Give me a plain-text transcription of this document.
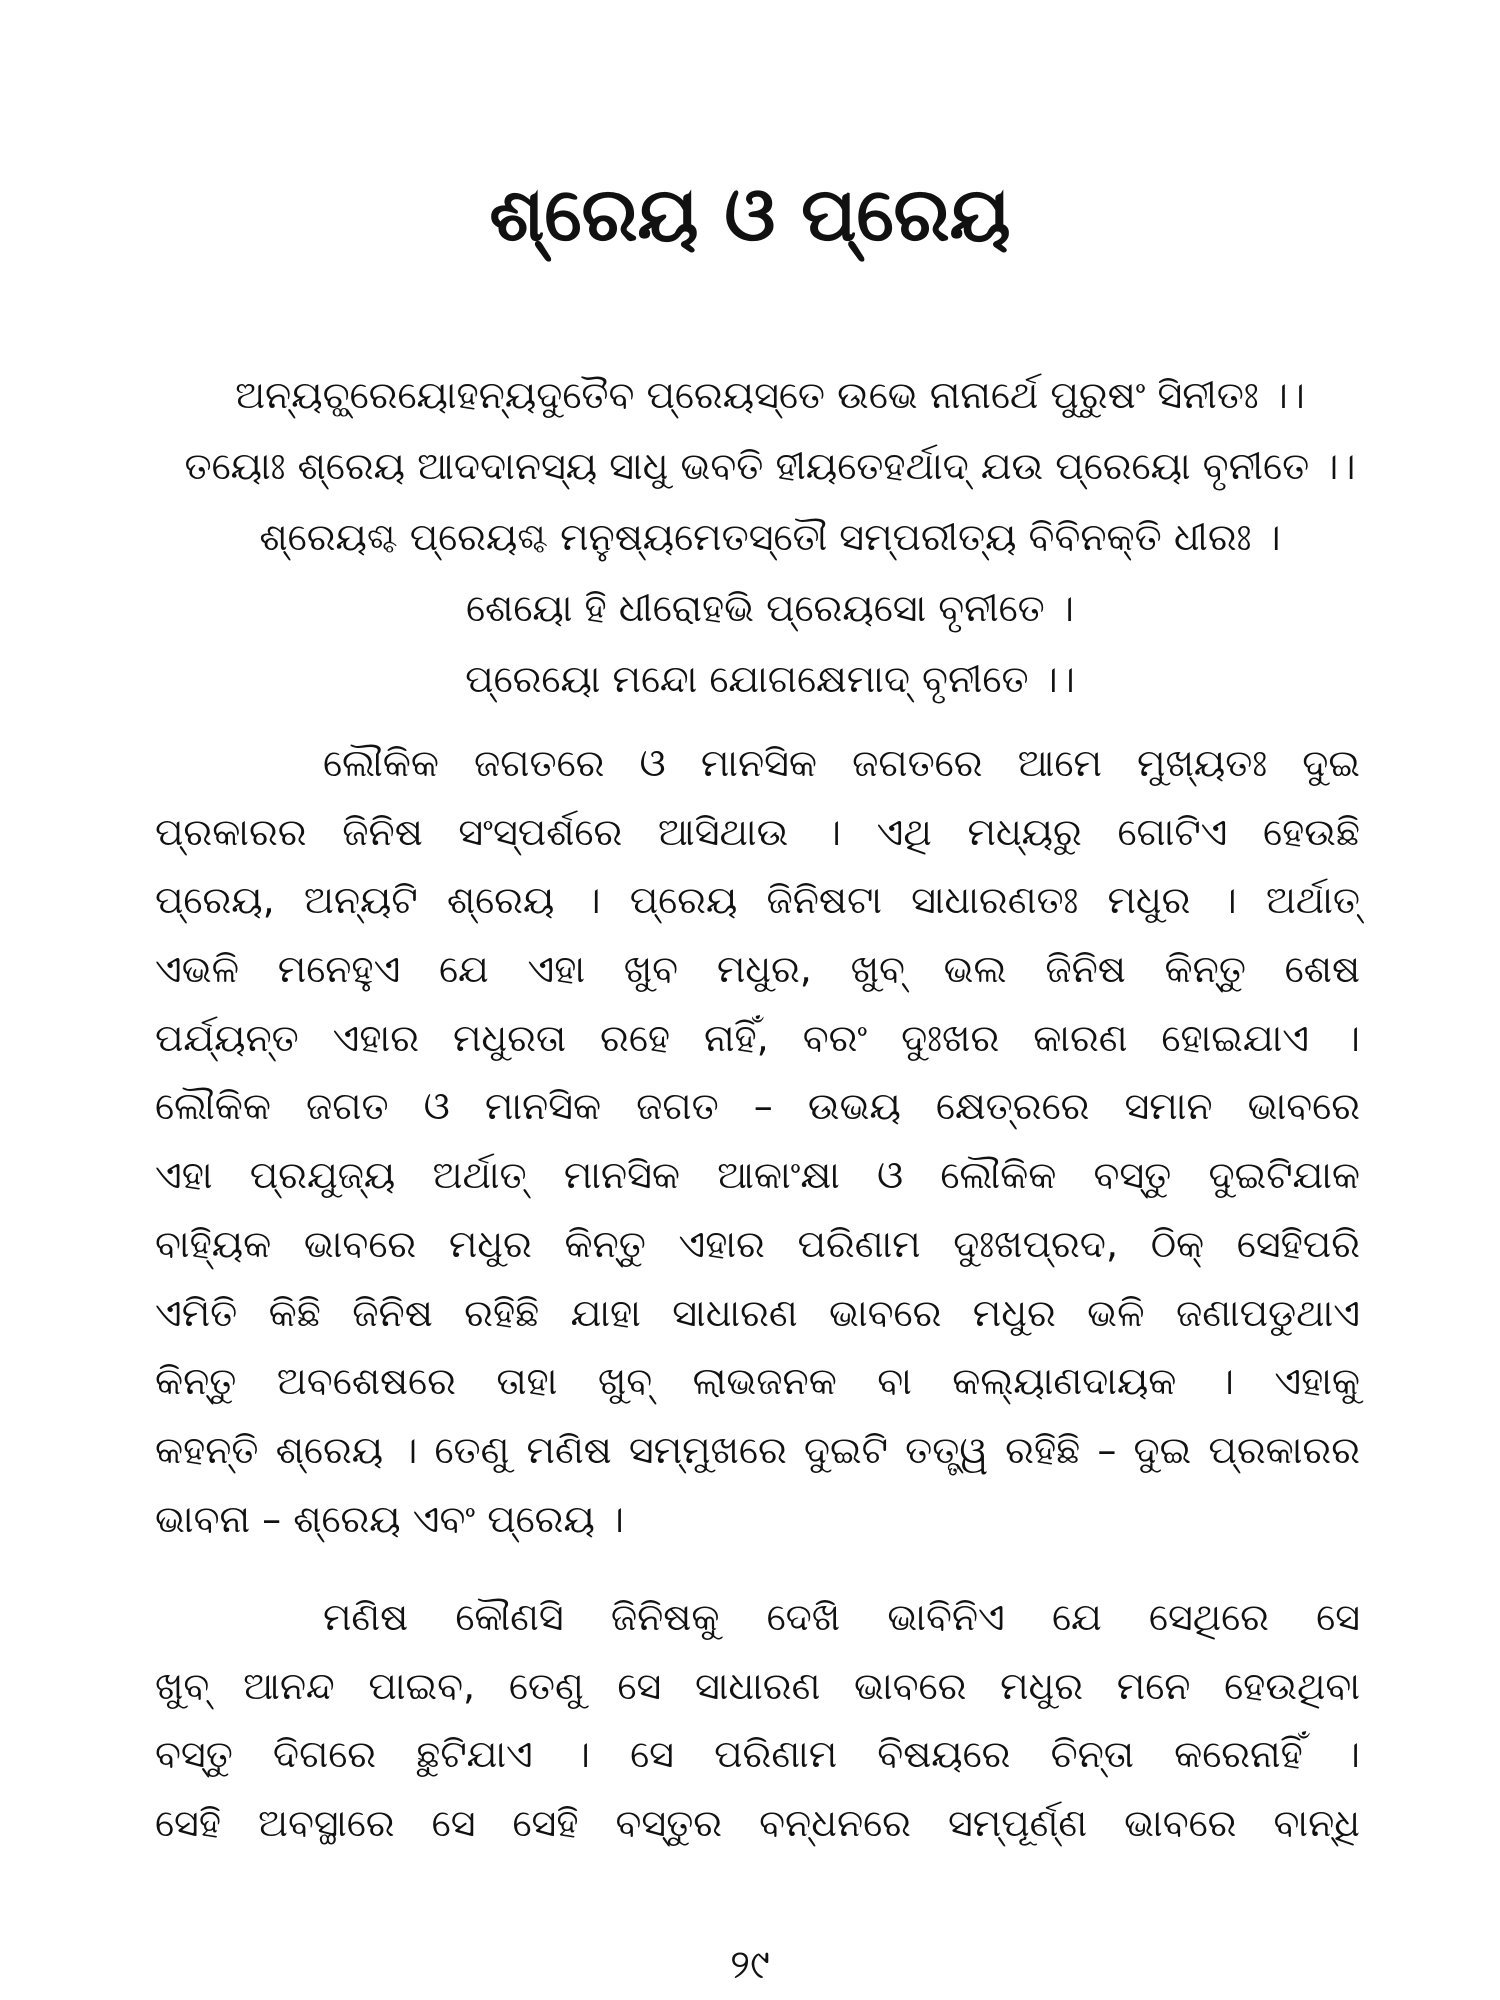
ଶ୍ରେୟ ଓ ପ୍ରେୟ
ଅନ୍ୟଚ୍ଛ୍ରେୟୋହନ୍ୟଦୁତୈବ ପ୍ରେୟସ୍ତେ ଉଭେ ନାନାର୍ଥେ ପୁରୁଷଂ ସିନୀତଃ ।।
ତୟୋଃ ଶ୍ରେୟ ଆଦଦାନସ୍ୟ ସାଧୁ ଭବତି ହୀୟତେହର୍ଥାଦ୍ ଯଉ ପ୍ରେୟୋ ବୃନୀତେ ।।
ଶ୍ରେୟଶ୍ଚ ପ୍ରେୟଶ୍ଚ ମନୁଷ୍ୟମେତସ୍ତୌ ସମ୍ପରୀତ୍ୟ ବିବିନକ୍ତି ଧୀରଃ ।
ଶେୟୋ ହି ଧୀରୋହଭି ପ୍ରେୟସୋ ବୃନୀତେ ।
ପ୍ରେୟୋ ମନ୍ଦୋ ଯୋଗକ୍ଷେମାଦ୍ ବୃନୀତେ ।।
ଲୌକିକ ଜଗତରେ ଓ ମାନସିକ ଜଗତରେ ଆମେ ମୁଖ୍ୟତଃ ଦୁଇ
ପ୍ରକାରର ଜିନିଷ ସଂସ୍ପର୍ଶରେ ଆସିଥାଉ । ଏଥି ମଧ୍ୟରୁ ଗୋଟିଏ ହେଉଛି
ପ୍ରେୟ, ଅନ୍ୟଟି ଶ୍ରେୟ । ପ୍ରେୟ ଜିନିଷଟା ସାଧାରଣତଃ ମଧୁର । ଅର୍ଥାତ୍
ଏଭଳି ମନେହୁଏ ଯେ ଏହା ଖୁବ ମଧୁର, ଖୁବ୍ ଭଲ ଜିନିଷ କିନ୍ତୁ ଶେଷ
ପର୍ଯ୍ୟନ୍ତ ଏହାର ମଧୁରତା ରହେ ନାହିଁ, ବରଂ ଦୁଃଖର କାରଣ ହୋଇଯାଏ ।
ଲୌକିକ ଜଗତ ଓ ମାନସିକ ଜଗତ – ଉଭୟ କ୍ଷେତ୍ରରେ ସମାନ ଭାବରେ
ଏହା ପ୍ରଯୁଜ୍ୟ ଅର୍ଥାତ୍ ମାନସିକ ଆକାଂକ୍ଷା ଓ ଲୌକିକ ବସ୍ତୁ ଦୁଇଟିଯାକ
ବାହ୍ୟିକ ଭାବରେ ମଧୁର କିନ୍ତୁ ଏହାର ପରିଣାମ ଦୁଃଖପ୍ରଦ, ଠିକ୍ ସେହିପରି
ଏମିତି କିଛି ଜିନିଷ ରହିଛି ଯାହା ସାଧାରଣ ଭାବରେ ମଧୁର ଭଳି ଜଣାପଡୁଥାଏ
କିନ୍ତୁ ଅବଶେଷରେ ତାହା ଖୁବ୍ ଲାଭଜନକ ବା କଲ୍ୟାଣଦାୟକ । ଏହାକୁ
କହନ୍ତି ଶ୍ରେୟ । ତେଣୁ ମଣିଷ ସମ୍ମୁଖରେ ଦୁଇଟି ତତ୍ତ୍ୱ ରହିଛି – ଦୁଇ ପ୍ରକାରର
ଭାବନା – ଶ୍ରେୟ ଏବଂ ପ୍ରେୟ ।
ମଣିଷ କୌଣସି ଜିନିଷକୁ ଦେଖି ଭାବିନିଏ ଯେ ସେଥିରେ ସେ
ଖୁବ୍ ଆନନ୍ଦ ପାଇବ, ତେଣୁ ସେ ସାଧାରଣ ଭାବରେ ମଧୁର ମନେ ହେଉଥିବା
ବସ୍ତୁ ଦିଗରେ ଛୁଟିଯାଏ । ସେ ପରିଣାମ ବିଷୟରେ ଚିନ୍ତା କରେନାହିଁ ।
ସେହି ଅବସ୍ଥାରେ ସେ ସେହି ବସ୍ତୁର ବନ୍ଧନରେ ସମ୍ପୂର୍ଣ୍ଣ ଭାବରେ ବାନ୍ଧି
୨୯
